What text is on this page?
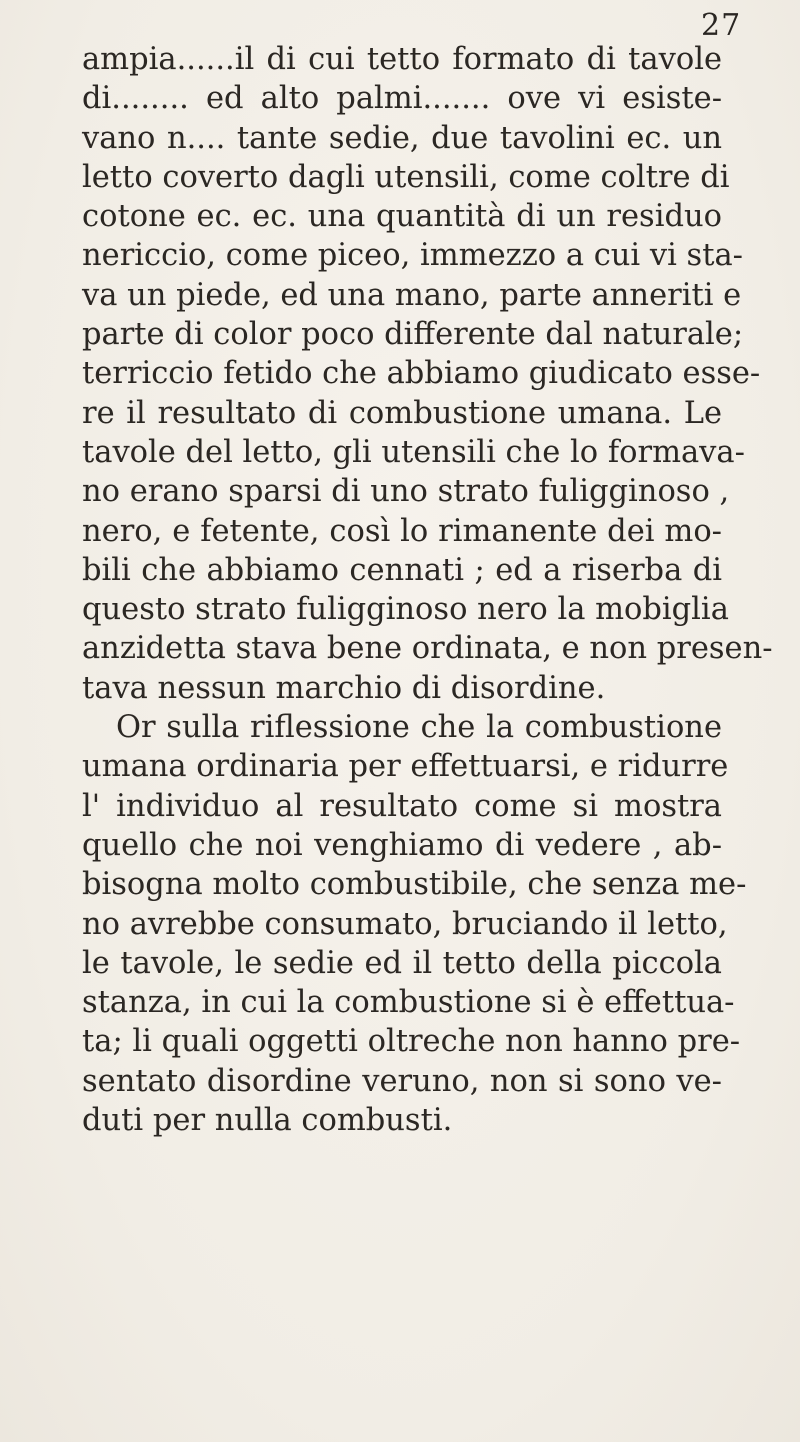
27
ampia......il di cui tetto formato di tavole
di........ ed alto palmi....... ove vi esiste-
vano n.... tante sedie, due tavolini ec. un
letto coverto dagli utensili, come coltre di
cotone ec. ec. una quantità di un residuo
nericcio, come piceo, immezzo a cui vi sta-
va un piede, ed una mano, parte anneriti e
parte di color poco differente dal naturale;
terriccio fetido che abbiamo giudicato esse-
re il resultato di combustione umana. Le
tavole del letto, gli utensili che lo formava-
no erano sparsi di uno strato fuligginoso ,
nero, e fetente, così lo rimanente dei mo-
bili che abbiamo cennati ; ed a riserba di
questo strato fuligginoso nero la mobiglia
anzidetta stava bene ordinata, e non presen-
tava nessun marchio di disordine.
Or sulla riflessione che la combustione
umana ordinaria per effettuarsi, e ridurre
l' individuo al resultato come si mostra
quello che noi venghiamo di vedere , ab-
bisogna molto combustibile, che senza me-
no avrebbe consumato, bruciando il letto,
le tavole, le sedie ed il tetto della piccola
stanza, in cui la combustione si è effettua-
ta; li quali oggetti oltreche non hanno pre-
sentato disordine veruno, non si sono ve-
duti per nulla combusti.
